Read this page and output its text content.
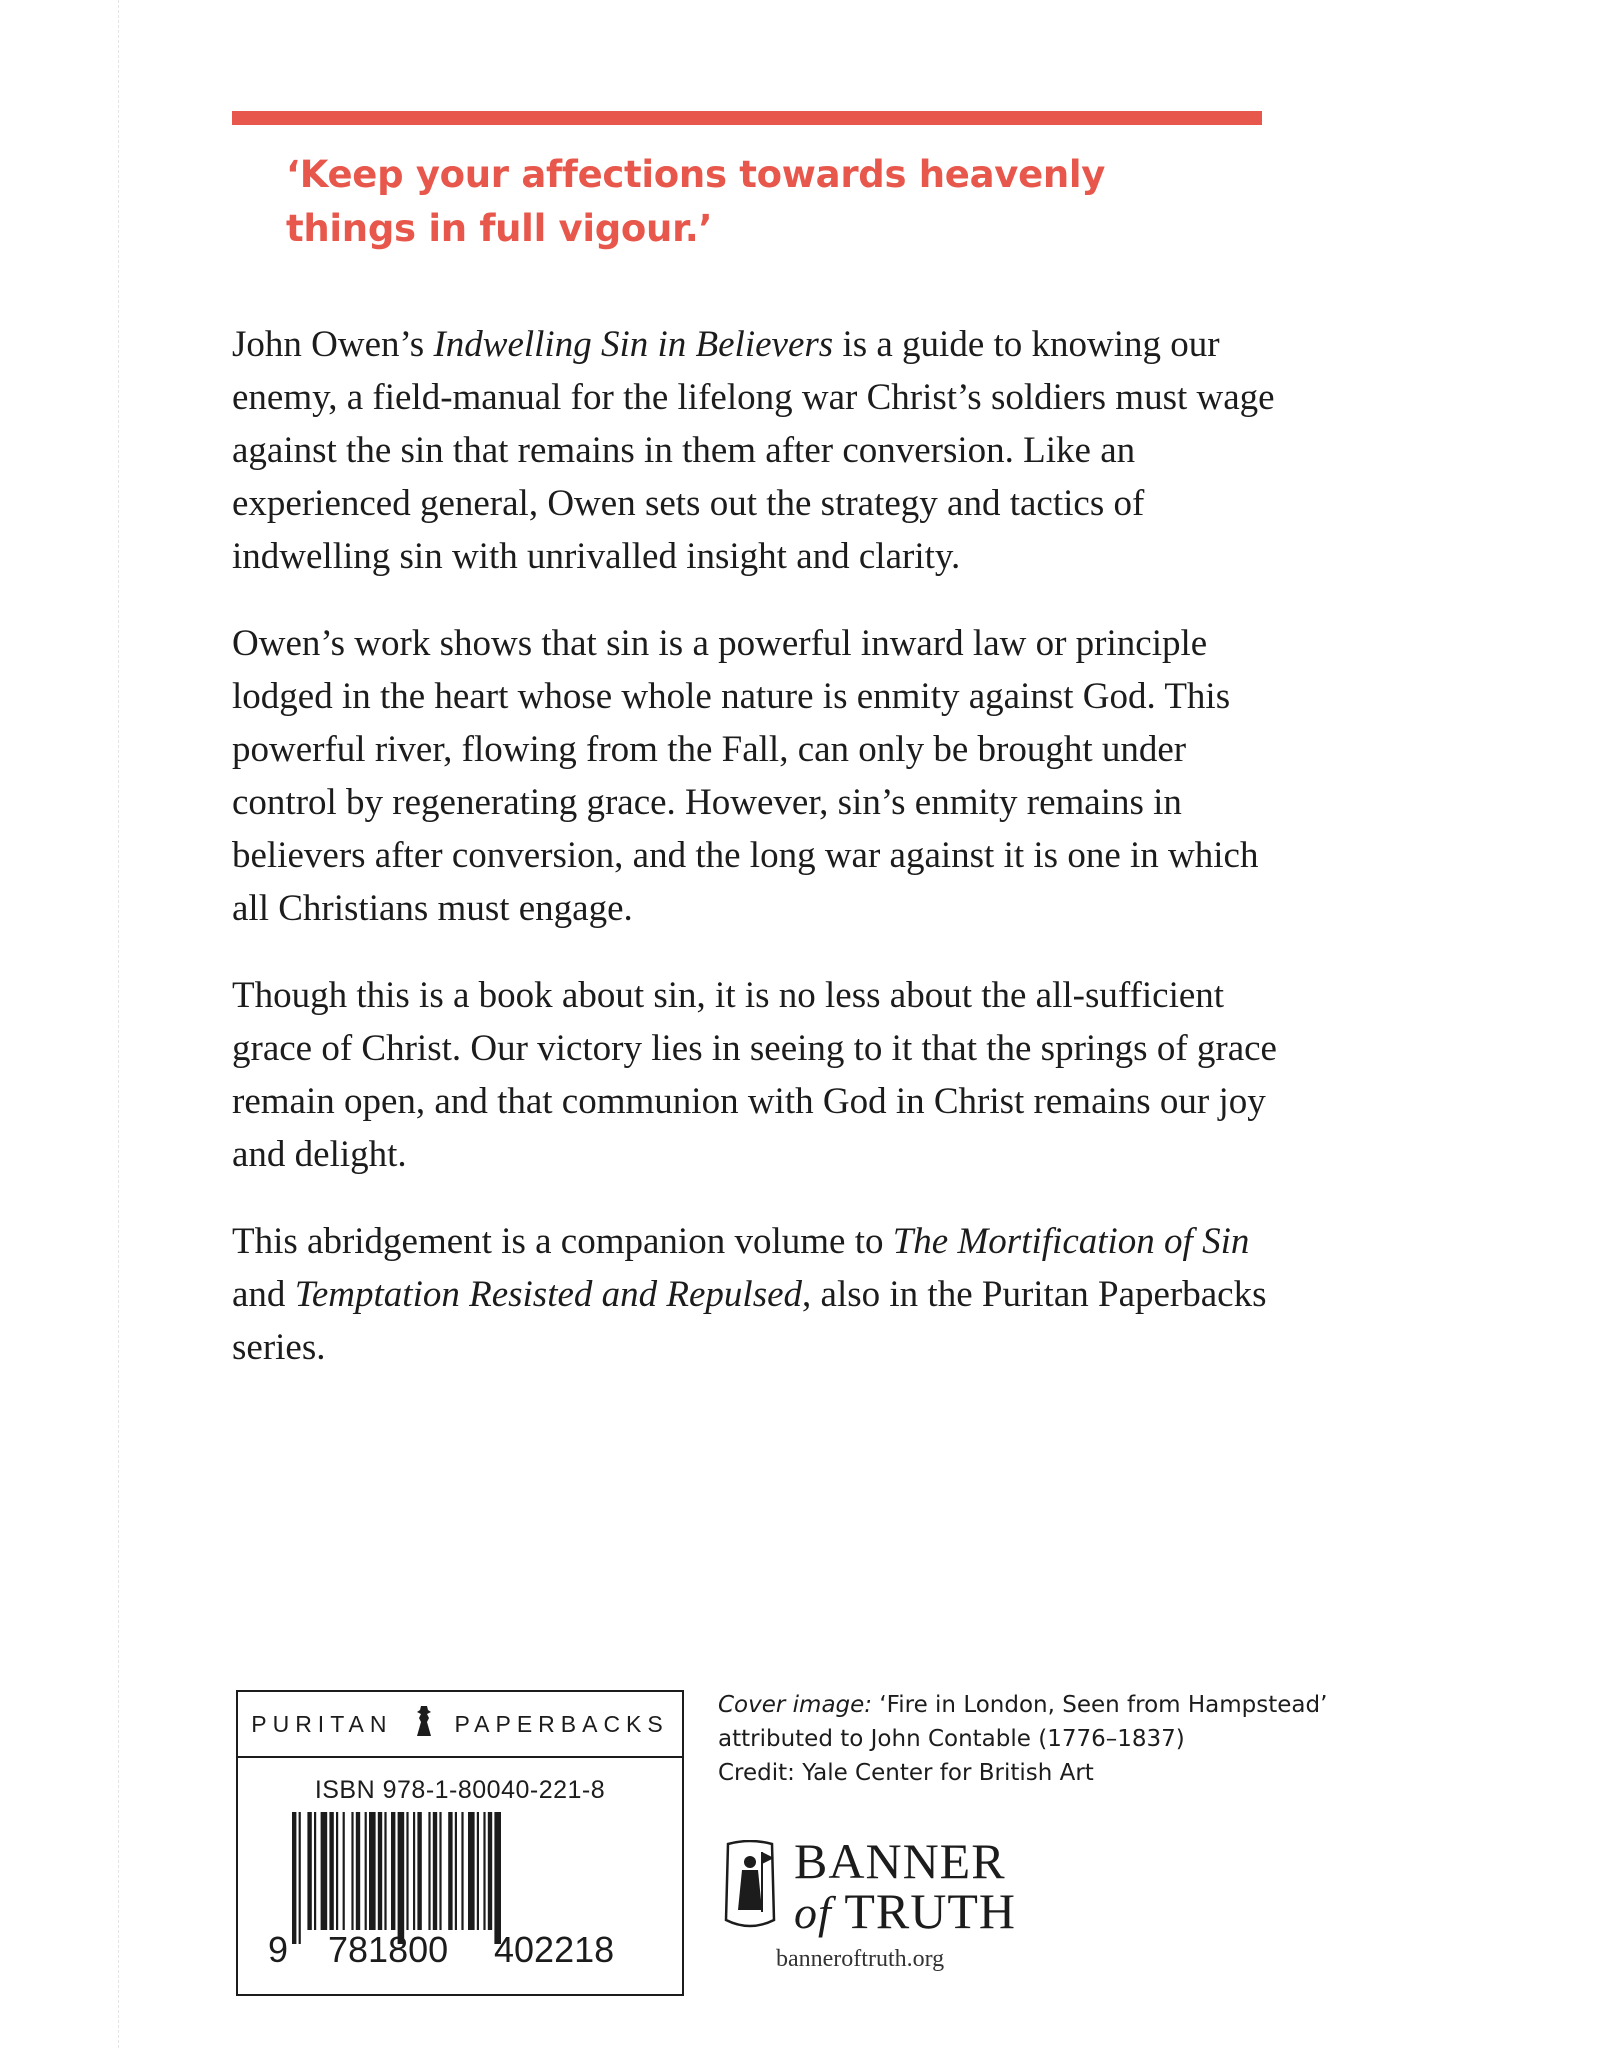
‘Keep your affections towards heavenly
things in full vigour.’

John Owen’s Indwelling Sin in Believers is a guide to knowing our enemy, a field-manual for the lifelong war Christ’s soldiers must wage against the sin that remains in them after conversion. Like an experienced general, Owen sets out the strategy and tactics of indwelling sin with unrivalled insight and clarity.

Owen’s work shows that sin is a powerful inward law or principle lodged in the heart whose whole nature is enmity against God. This powerful river, flowing from the Fall, can only be brought under control by regenerating grace. However, sin’s enmity remains in believers after conversion, and the long war against it is one in which all Christians must engage.

Though this is a book about sin, it is no less about the all-sufficient grace of Christ. Our victory lies in seeing to it that the springs of grace remain open, and that communion with God in Christ remains our joy and delight.

This abridgement is a companion volume to The Mortification of Sin and Temptation Resisted and Repulsed, also in the Puritan Paperbacks series.

PURITAN	PAPERBACKS
ISBN 978-1-80040-221-8
9 781800 402218

Cover image: ‘Fire in London, Seen from Hampstead’
attributed to John Contable (1776–1837)
Credit: Yale Center for British Art

BANNER
of TRUTH
banneroftruth.org
